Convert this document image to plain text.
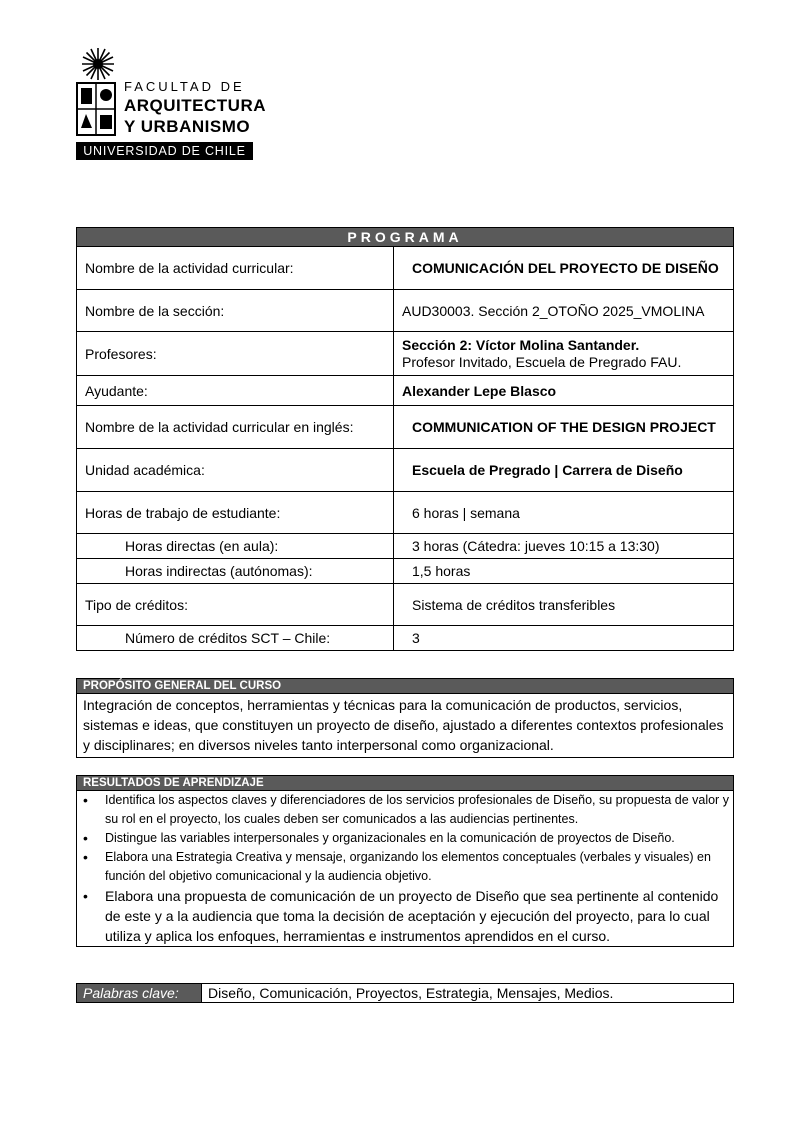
FACULTAD DE
ARQUITECTURA
Y URBANISMO
UNIVERSIDAD DE CHILE
PROGRAMA	
Nombre de la actividad curricular:	COMUNICACIÓN DEL PROYECTO DE DISEÑO
Nombre de la sección:	AUD30003. Sección 2_OTOÑO 2025_VMOLINA
Profesores:	Sección 2: Víctor Molina Santander.
Profesor Invitado, Escuela de Pregrado FAU.

Ayudante:	Alexander Lepe Blasco
Nombre de la actividad curricular en inglés:	COMMUNICATION OF THE DESIGN PROJECT
Unidad académica:	Escuela de Pregrado | Carrera de Diseño
Horas de trabajo de estudiante:	6 horas | semana
Horas directas (en aula):	3 horas (Cátedra: jueves 10:15 a 13:30)
Horas indirectas (autónomas):	1,5 horas
Tipo de créditos:	Sistema de créditos transferibles
Número de créditos SCT – Chile:	3
PROPÓSITO GENERAL DEL CURSO
Integración de conceptos, herramientas y técnicas para la comunicación de productos, servicios, sistemas e ideas, que constituyen un proyecto de diseño, ajustado a diferentes contextos profesionales y disciplinares; en diversos niveles tanto interpersonal como organizacional.
RESULTADOS DE APRENDIZAJE
• Identifica los aspectos claves y diferenciadores de los servicios profesionales de Diseño, su propuesta de valor y su rol en el proyecto, los cuales deben ser comunicados a las audiencias pertinentes.
• Distingue las variables interpersonales y organizacionales en la comunicación de proyectos de Diseño.
• Elabora una Estrategia Creativa y mensaje, organizando los elementos conceptuales (verbales y visuales) en función del objetivo comunicacional y la audiencia objetivo.
• Elabora una propuesta de comunicación de un proyecto de Diseño que sea pertinente al contenido de este y a la audiencia que toma la decisión de aceptación y ejecución del proyecto, para lo cual utiliza y aplica los enfoques, herramientas e instrumentos aprendidos en el curso.
Palabras clave:	Diseño, Comunicación, Proyectos, Estrategia, Mensajes, Medios.
